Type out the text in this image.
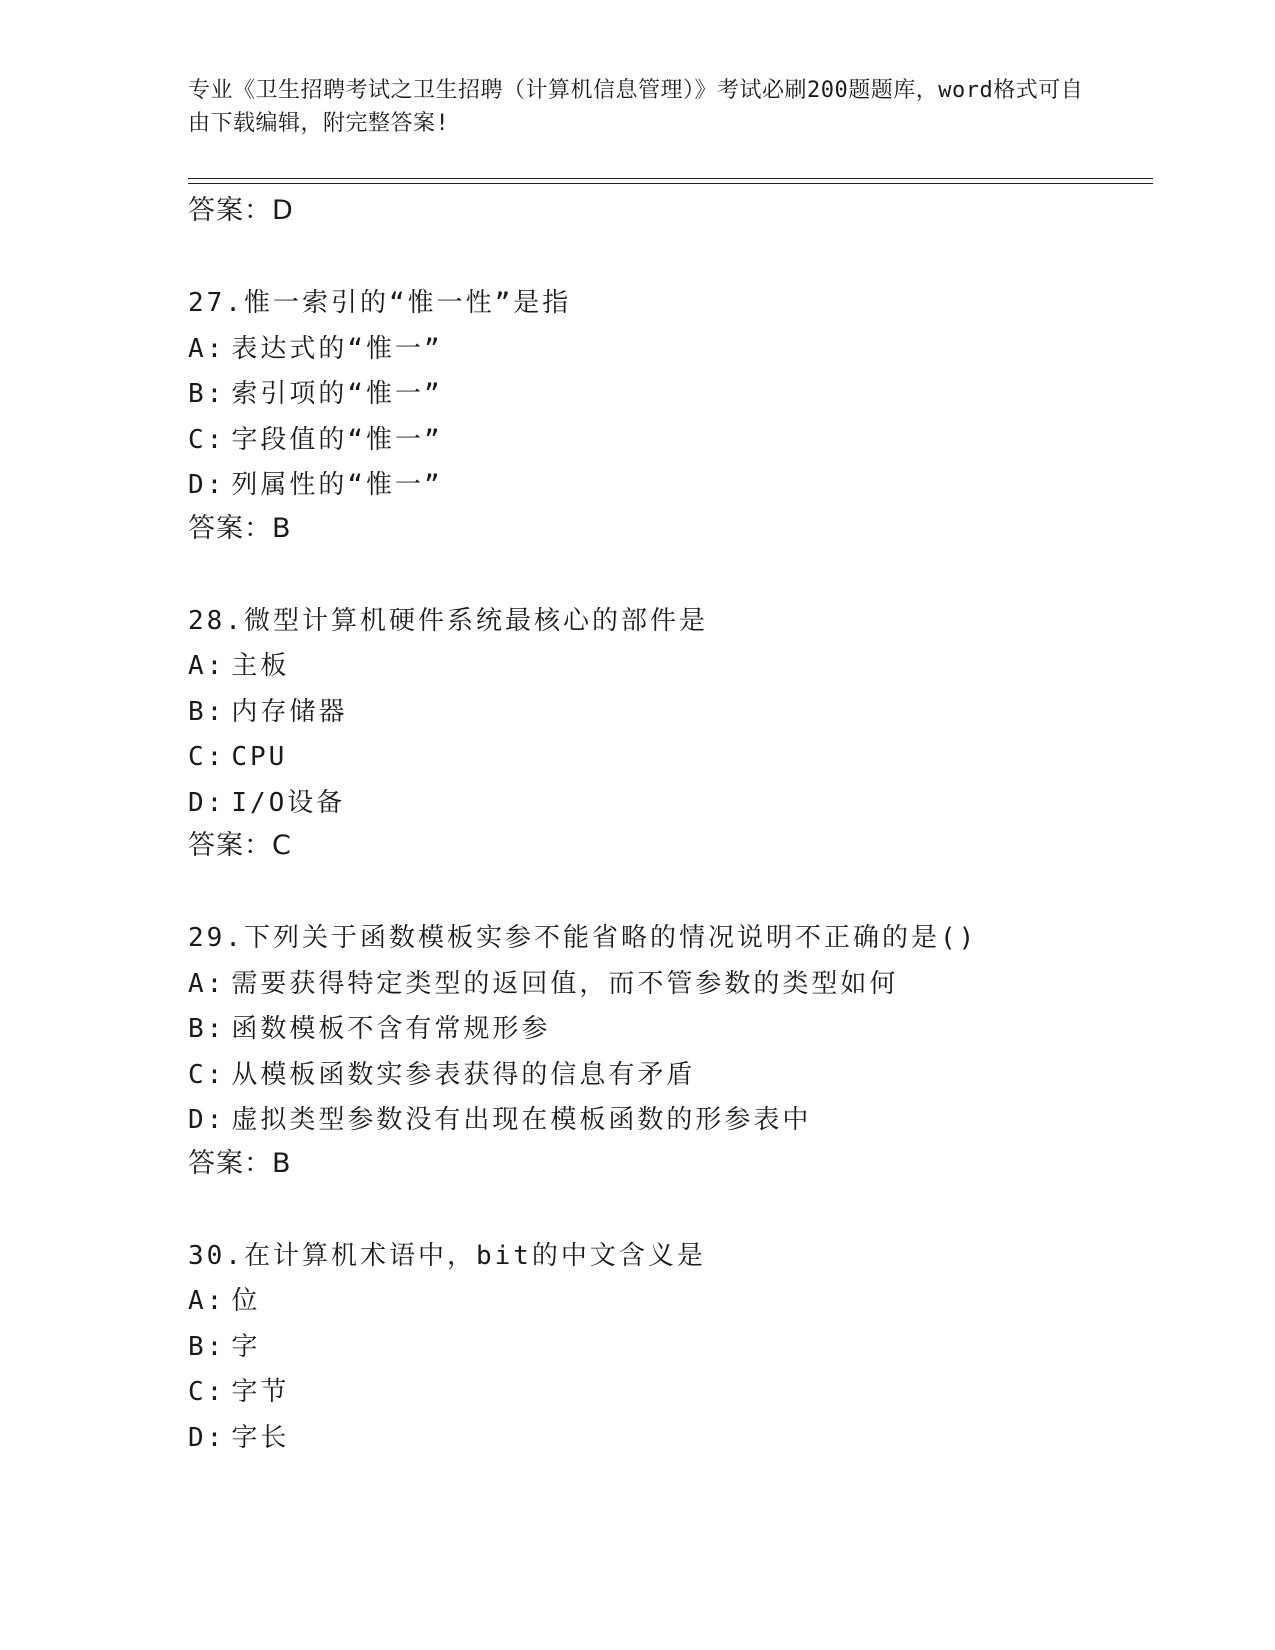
专业《卫生招聘考试之卫生招聘（计算机信息管理）》考试必刷200题题库，word格式可自由下载编辑，附完整答案!
答案：D
27.惟一索引的“惟一性”是指
A: 表达式的“惟一”
B: 索引项的“惟一”
C: 字段值的“惟一”
D: 列属性的“惟一”
答案：B
28.微型计算机硬件系统最核心的部件是
A: 主板
B: 内存储器
C: CPU
D: I/O设备
答案：C
29.下列关于函数模板实参不能省略的情况说明不正确的是()
A: 需要获得特定类型的返回值，而不管参数的类型如何
B: 函数模板不含有常规形参
C: 从模板函数实参表获得的信息有矛盾
D: 虚拟类型参数没有出现在模板函数的形参表中
答案：B
30.在计算机术语中，bit的中文含义是
A: 位
B: 字
C: 字节
D: 字长
